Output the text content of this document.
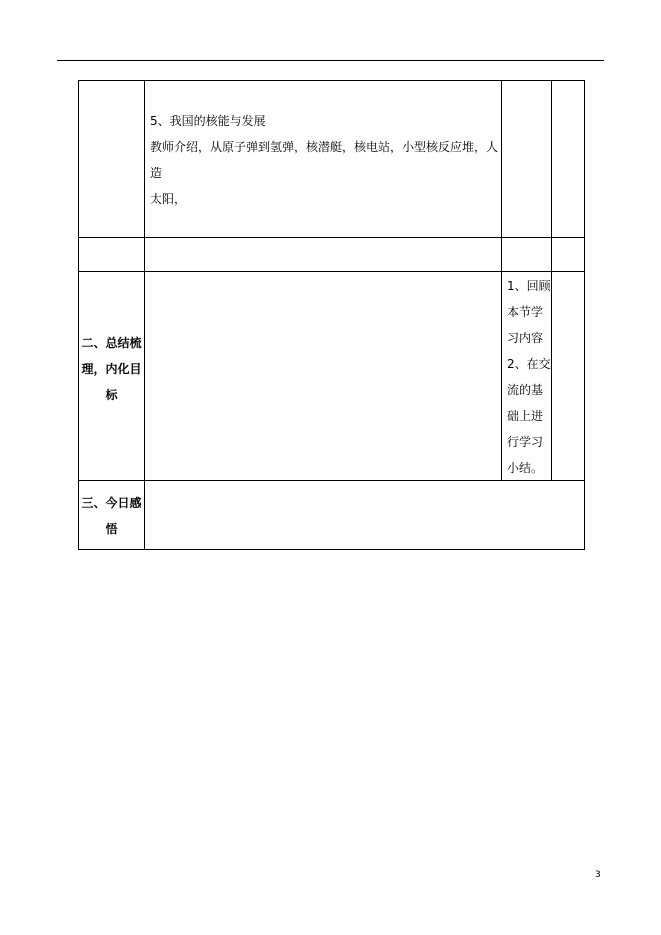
5、我国的核能与发展
教师介绍，从原子弹到氢弹，核潜艇，核电站，小型核反应堆，人造
太阳，
二、总结梳
理，内化目
标
1、回顾
本节学
习内容
2、在交
流的基
础上进
行学习
小结。
三、今日感
悟
3
